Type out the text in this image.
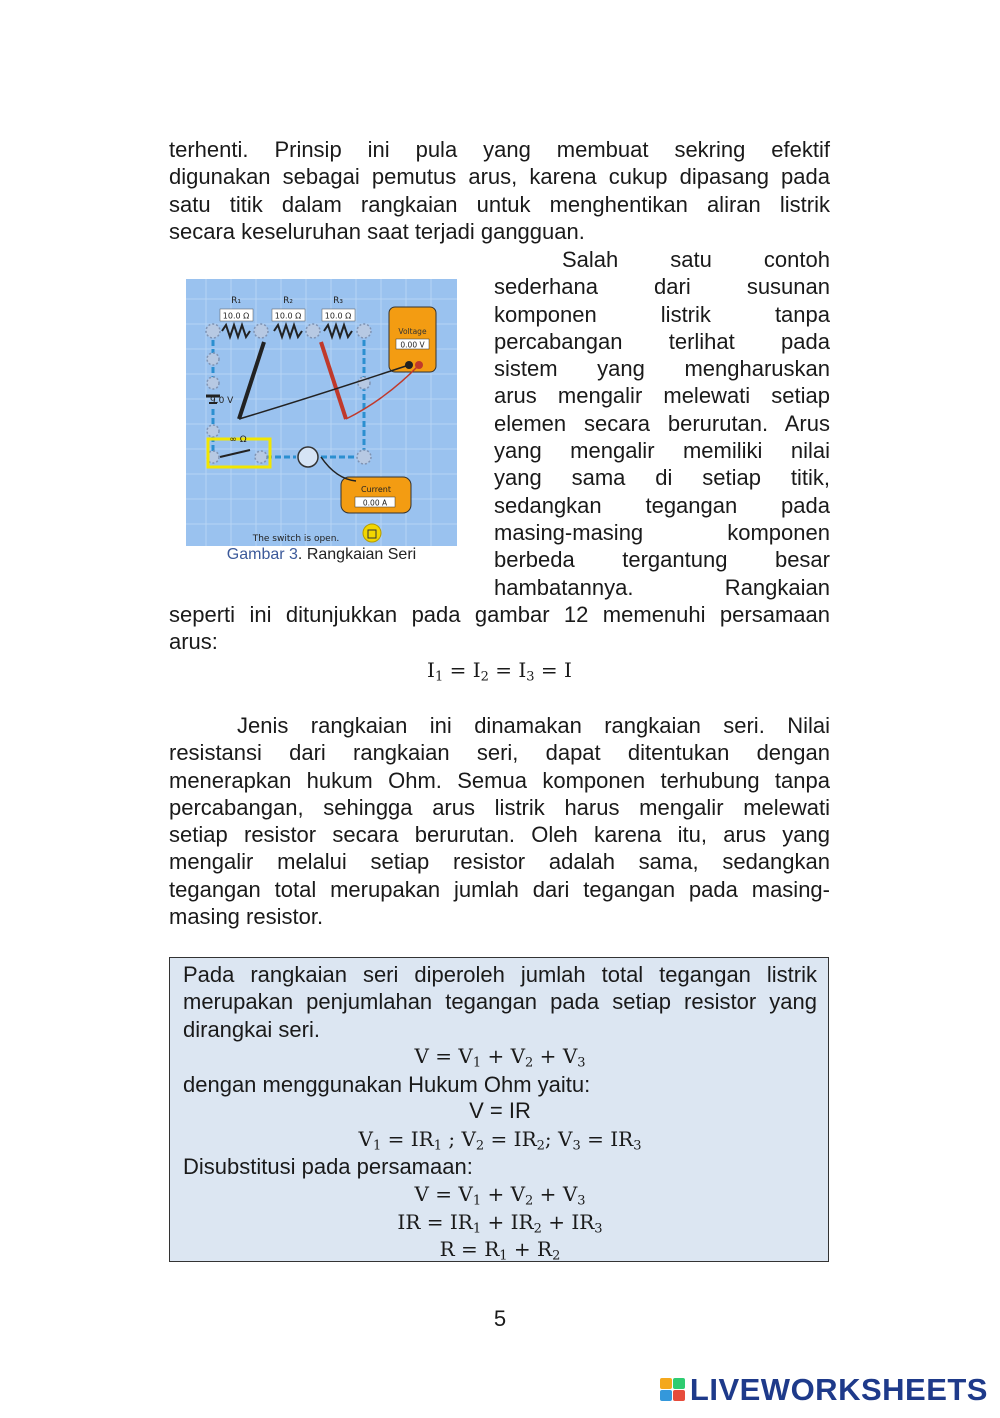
terhenti. Prinsip ini pula yang membuat sekring efektif
digunakan sebagai pemutus arus, karena cukup dipasang pada
satu titik dalam rangkaian untuk menghentikan aliran listrik
secara keseluruhan saat terjadi gangguan.
Salah satu contoh
sederhana dari susunan
komponen listrik tanpa
percabangan terlihat pada
sistem yang mengharuskan
arus mengalir melewati setiap
elemen secara berurutan. Arus
yang mengalir memiliki nilai
yang sama di setiap titik,
sedangkan tegangan pada
masing-masing komponen
berbeda tergantung besar
hambatannya. Rangkaian
R₁	R₂	R₃
10.0 Ω	10.0 Ω	10.0 Ω
9.0 V
∞ Ω
Voltage
0.00 V
Current
0.00 A
The switch is open.
Gambar 3. Rangkaian Seri
seperti ini ditunjukkan pada gambar 12 memenuhi persamaan
arus:
$I_1 = I_2 = I_3 = I$
Jenis rangkaian ini dinamakan rangkaian seri. Nilai
resistansi dari rangkaian seri, dapat ditentukan dengan
menerapkan hukum Ohm. Semua komponen terhubung tanpa
percabangan, sehingga arus listrik harus mengalir melewati
setiap resistor secara berurutan. Oleh karena itu, arus yang
mengalir melalui setiap resistor adalah sama, sedangkan
tegangan total merupakan jumlah dari tegangan pada masing-
masing resistor.
Pada rangkaian seri diperoleh jumlah total tegangan listrik
merupakan penjumlahan tegangan pada setiap resistor yang
dirangkai seri.
$V = V_1 + V_2 + V_3$
dengan menggunakan Hukum Ohm yaitu:
V = IR
$V_1 = IR_1$ ; $V_2 = IR_2$; $V_3 = IR_3$
Disubstitusi pada persamaan:
$V = V_1 + V_2 + V_3$
IR = $IR_1 + IR_2 + IR_3$
$R = R_1 + R_2$
5
LIVEWORKSHEETS
